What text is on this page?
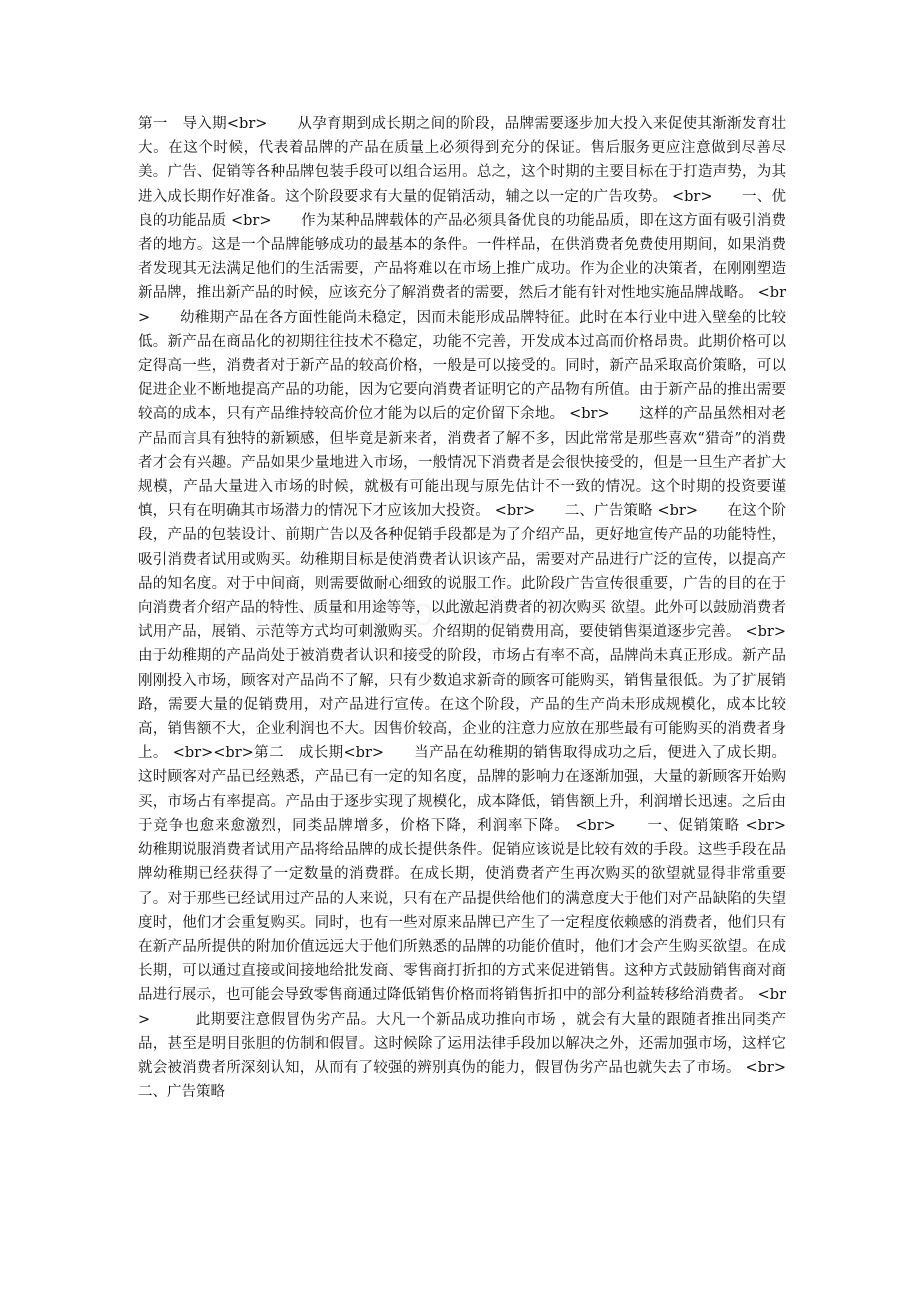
第一　导入期<br>　　从孕育期到成长期之间的阶段，品牌需要逐步加大投入来促使其渐渐发育壮大。在这个时候，代表着品牌的产品在质量上必须得到充分的保证。售后服务更应注意做到尽善尽美。广告、促销等各种品牌包装手段可以组合运用。总之，这个时期的主要目标在于打造声势，为其进入成长期作好准备。这个阶段要求有大量的促销活动，辅之以一定的广告攻势。 <br>　　一、优良的功能品质 <br>　　作为某种品牌载体的产品必须具备优良的功能品质，即在这方面有吸引消费者的地方。这是一个品牌能够成功的最基本的条件。一件样品，在供消费者免费使用期间，如果消费者发现其无法满足他们的生活需要，产品将难以在市场上推广成功。作为企业的决策者，在刚刚塑造新品牌，推出新产品的时候，应该充分了解消费者的需要，然后才能有针对性地实施品牌战略。 <br>　　幼稚期产品在各方面性能尚未稳定，因而未能形成品牌特征。此时在本行业中进入壁垒的比较低。新产品在商品化的初期往往技术不稳定，功能不完善，开发成本过高而价格昂贵。此期价格可以定得高一些，消费者对于新产品的较高价格，一般是可以接受的。同时，新产品采取高价策略，可以促进企业不断地提高产品的功能，因为它要向消费者证明它的产品物有所值。由于新产品的推出需要较高的成本，只有产品维持较高价位才能为以后的定价留下余地。 <br>　　这样的产品虽然相对老产品而言具有独特的新颖感，但毕竟是新来者，消费者了解不多，因此常常是那些喜欢“猎奇”的消费者才会有兴趣。产品如果少量地进入市场，一般情况下消费者是会很快接受的，但是一旦生产者扩大规模，产品大量进入市场的时候，就极有可能出现与原先估计不一致的情况。这个时期的投资要谨慎，只有在明确其市场潜力的情况下才应该加大投资。 <br>　　二、广告策略 <br>　　在这个阶段，产品的包装设计、前期广告以及各种促销手段都是为了介绍产品，更好地宣传产品的功能特性，吸引消费者试用或购买。幼稚期目标是使消费者认识该产品，需要对产品进行广泛的宣传，以提高产品的知名度。对于中间商，则需要做耐心细致的说服工作。此阶段广告宣传很重要，广告的目的在于向消费者介绍产品的特性、质量和用途等等，以此激起消费者的初次购买 欲望。此外可以鼓励消费者试用产品，展销、示范等方式均可刺激购买。介绍期的促销费用高，要使销售渠道逐步完善。 <br>　　由于幼稚期的产品尚处于被消费者认识和接受的阶段，市场占有率不高，品牌尚未真正形成。新产品刚刚投入市场，顾客对产品尚不了解，只有少数追求新奇的顾客可能购买，销售量很低。为了扩展销路，需要大量的促销费用，对产品进行宣传。在这个阶段，产品的生产尚未形成规模化，成本比较高，销售额不大，企业利润也不大。因售价较高，企业的注意力应放在那些最有可能购买的消费者身上。 <br><br>第二　成长期<br>　　当产品在幼稚期的销售取得成功之后，便进入了成长期。这时顾客对产品已经熟悉，产品已有一定的知名度，品牌的影响力在逐渐加强，大量的新顾客开始购买，市场占有率提高。产品由于逐步实现了规模化，成本降低，销售额上升，利润增长迅速。之后由于竞争也愈来愈激烈，同类品牌增多，价格下降，利润率下降。 <br>　　一、促销策略 <br>　　幼稚期说服消费者试用产品将给品牌的成长提供条件。促销应该说是比较有效的手段。这些手段在品牌幼稚期已经获得了一定数量的消费群。在成长期，使消费者产生再次购买的欲望就显得非常重要了。对于那些已经试用过产品的人来说，只有在产品提供给他们的满意度大于他们对产品缺陷的失望度时，他们才会重复购买。同时，也有一些对原来品牌已产生了一定程度依赖感的消费者，他们只有在新产品所提供的附加价值远远大于他们所熟悉的品牌的功能价值时，他们才会产生购买欲望。在成长期，可以通过直接或间接地给批发商、零售商打折扣的方式来促进销售。这种方式鼓励销售商对商品进行展示，也可能会导致零售商通过降低销售价格而将销售折扣中的部分利益转移给消费者。 <br>　　　此期要注意假冒伪劣产品。大凡一个新品成功推向市场 ，就会有大量的跟随者推出同类产品，甚至是明目张胆的仿制和假冒。这时候除了运用法律手段加以解决之外，还需加强市场，这样它就会被消费者所深刻认知，从而有了较强的辨别真伪的能力，假冒伪劣产品也就失去了市场。 <br>　　二、广告策略
